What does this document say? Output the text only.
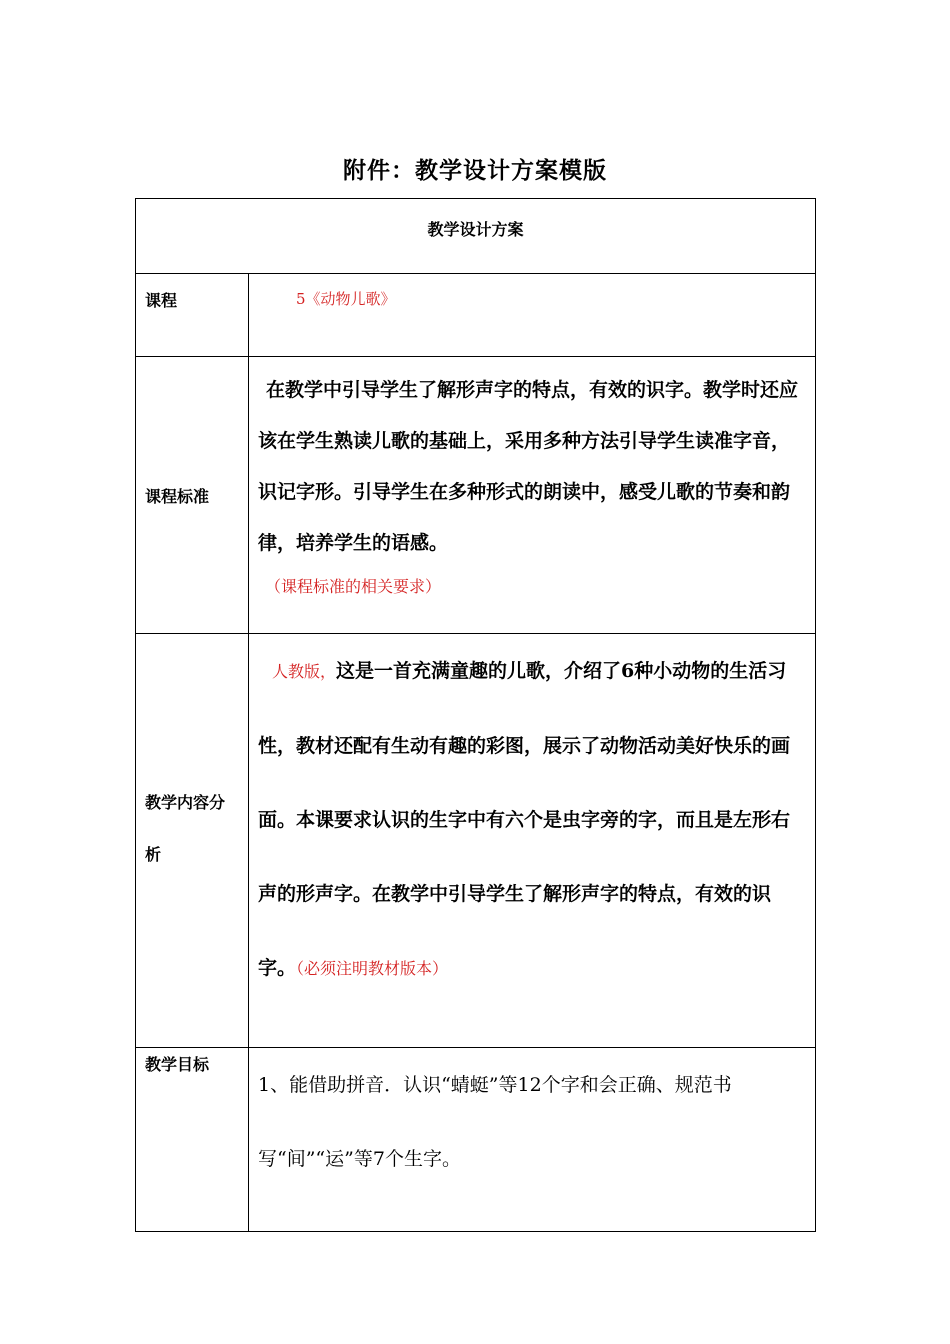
附件：教学设计方案模版
教学设计方案	

课程	5《动物儿歌》

课程标准	在教学中引导学生了解形声字的特点，有效的识字。教学时还应该在学生熟读儿歌的基础上，采用多种方法引导学生读准字音，识记字形。引导学生在多种形式的朗读中，感受儿歌的节奏和韵律，培养学生的语感。
（课程标准的相关要求）

教学内容分析	人教版，这是一首充满童趣的儿歌，介绍了6种小动物的生活习性，教材还配有生动有趣的彩图，展示了动物活动美好快乐的画面。本课要求认识的生字中有六个是虫字旁的字，而且是左形右声的形声字。在教学中引导学生了解形声字的特点，有效的识字。（必须注明教材版本）

教学目标	1、能借助拼音．认识“蜻蜓”等12个字和会正确、规范书写“间”“运”等7个生字。
